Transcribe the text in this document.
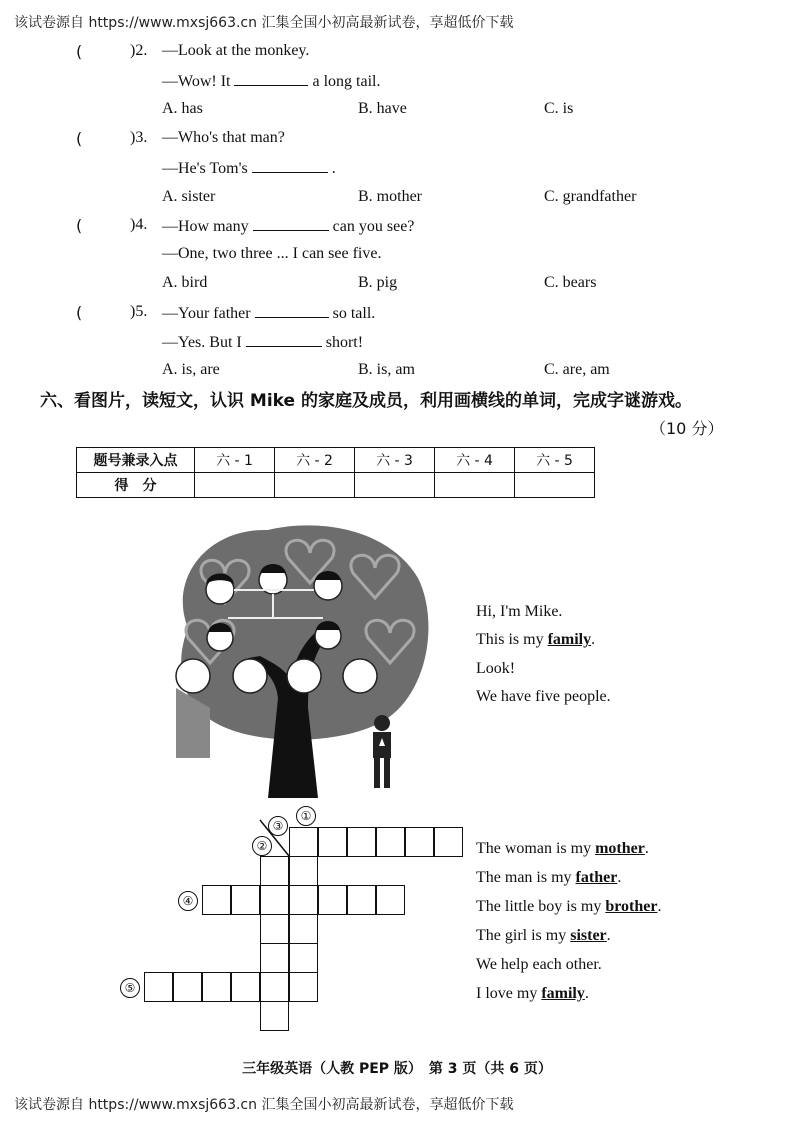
该试卷源自 https://www.mxsj663.cn 汇集全国小初高最新试卷，享超低价下载
(	)2. —Look at the monkey.
—Wow! It	a long tail.
A. has	B. have	C. is
(	)3. —Who's that man?
—He's Tom's	.
A. sister	B. mother	C. grandfather
(	)4. —How many	can you see?
—One, two three ... I can see five.
A. bird	B. pig	C. bears
(	)5. —Your father	so tall.
—Yes. But I	short!
A. is, are	B. is, am	C. are, am
六、看图片，读短文，认识 Mike 的家庭及成员，利用画横线的单词，完成字谜游戏。
（10 分）
题号兼录入点	六 - 1	六 - 2	六 - 3	六 - 4	六 - 5
得　分					
Hi, I'm Mike.
This is my family.
Look!
We have five people.
①
②
③
④
⑤
The woman is my mother.
The man is my father.
The little boy is my brother.
The girl is my sister.
We help each other.
I love my family.
三年级英语（人教 PEP 版）　第 3 页（共 6 页）
该试卷源自 https://www.mxsj663.cn 汇集全国小初高最新试卷，享超低价下载
